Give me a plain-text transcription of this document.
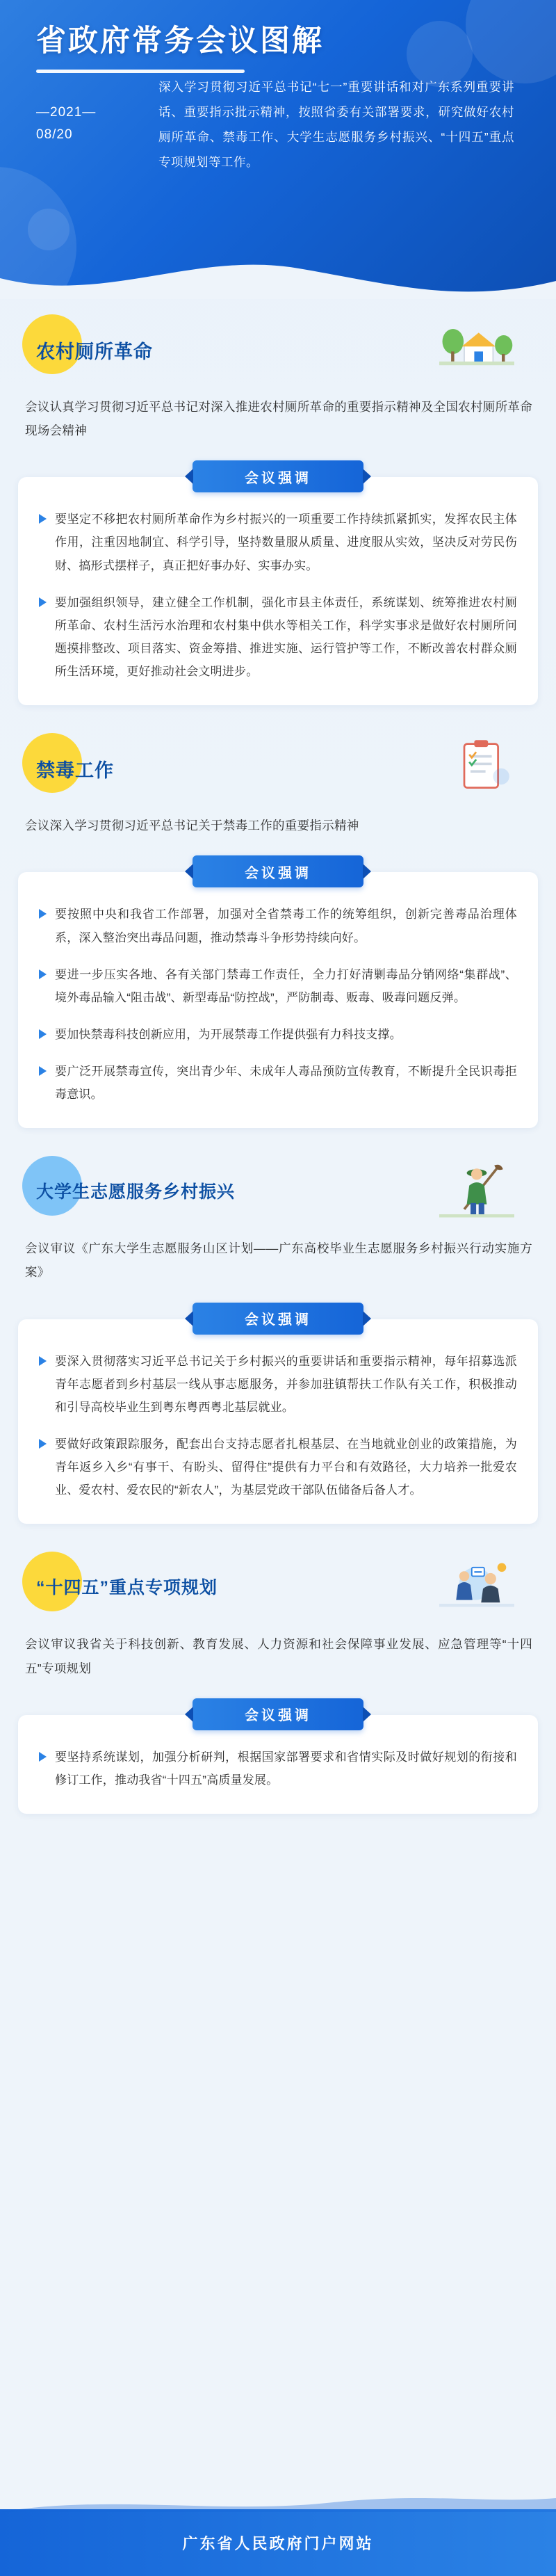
省政府常务会议图解
—2021—
08/20
深入学习贯彻习近平总书记“七一”重要讲话和对广东系列重要讲话、重要指示批示精神，按照省委有关部署要求，研究做好农村厕所革命、禁毒工作、大学生志愿服务乡村振兴、“十四五”重点专项规划等工作。
农村厕所革命
会议认真学习贯彻习近平总书记对深入推进农村厕所革命的重要指示精神及全国农村厕所革命现场会精神
会议强调
要坚定不移把农村厕所革命作为乡村振兴的一项重要工作持续抓紧抓实，发挥农民主体作用，注重因地制宜、科学引导，坚持数量服从质量、进度服从实效，坚决反对劳民伤财、搞形式摆样子，真正把好事办好、实事办实。
要加强组织领导，建立健全工作机制，强化市县主体责任，系统谋划、统筹推进农村厕所革命、农村生活污水治理和农村集中供水等相关工作，科学实事求是做好农村厕所问题摸排整改、项目落实、资金筹措、推进实施、运行管护等工作，不断改善农村群众厕所生活环境，更好推动社会文明进步。
禁毒工作
会议深入学习贯彻习近平总书记关于禁毒工作的重要指示精神
会议强调
要按照中央和我省工作部署，加强对全省禁毒工作的统筹组织，创新完善毒品治理体系，深入整治突出毒品问题，推动禁毒斗争形势持续向好。
要进一步压实各地、各有关部门禁毒工作责任，全力打好清剿毒品分销网络“集群战”、境外毒品输入“阻击战”、新型毒品“防控战”，严防制毒、贩毒、吸毒问题反弹。
要加快禁毒科技创新应用，为开展禁毒工作提供强有力科技支撑。
要广泛开展禁毒宣传，突出青少年、未成年人毒品预防宣传教育，不断提升全民识毒拒毒意识。
大学生志愿服务乡村振兴
会议审议《广东大学生志愿服务山区计划——广东高校毕业生志愿服务乡村振兴行动实施方案》
会议强调
要深入贯彻落实习近平总书记关于乡村振兴的重要讲话和重要指示精神，每年招募选派青年志愿者到乡村基层一线从事志愿服务，并参加驻镇帮扶工作队有关工作，积极推动和引导高校毕业生到粤东粤西粤北基层就业。
要做好政策跟踪服务，配套出台支持志愿者扎根基层、在当地就业创业的政策措施，为青年返乡入乡“有事干、有盼头、留得住”提供有力平台和有效路径，大力培养一批爱农业、爱农村、爱农民的“新农人”，为基层党政干部队伍储备后备人才。
“十四五”重点专项规划
会议审议我省关于科技创新、教育发展、人力资源和社会保障事业发展、应急管理等“十四五”专项规划
会议强调
要坚持系统谋划，加强分析研判，根据国家部署要求和省情实际及时做好规划的衔接和修订工作，推动我省“十四五”高质量发展。
广东省人民政府门户网站
